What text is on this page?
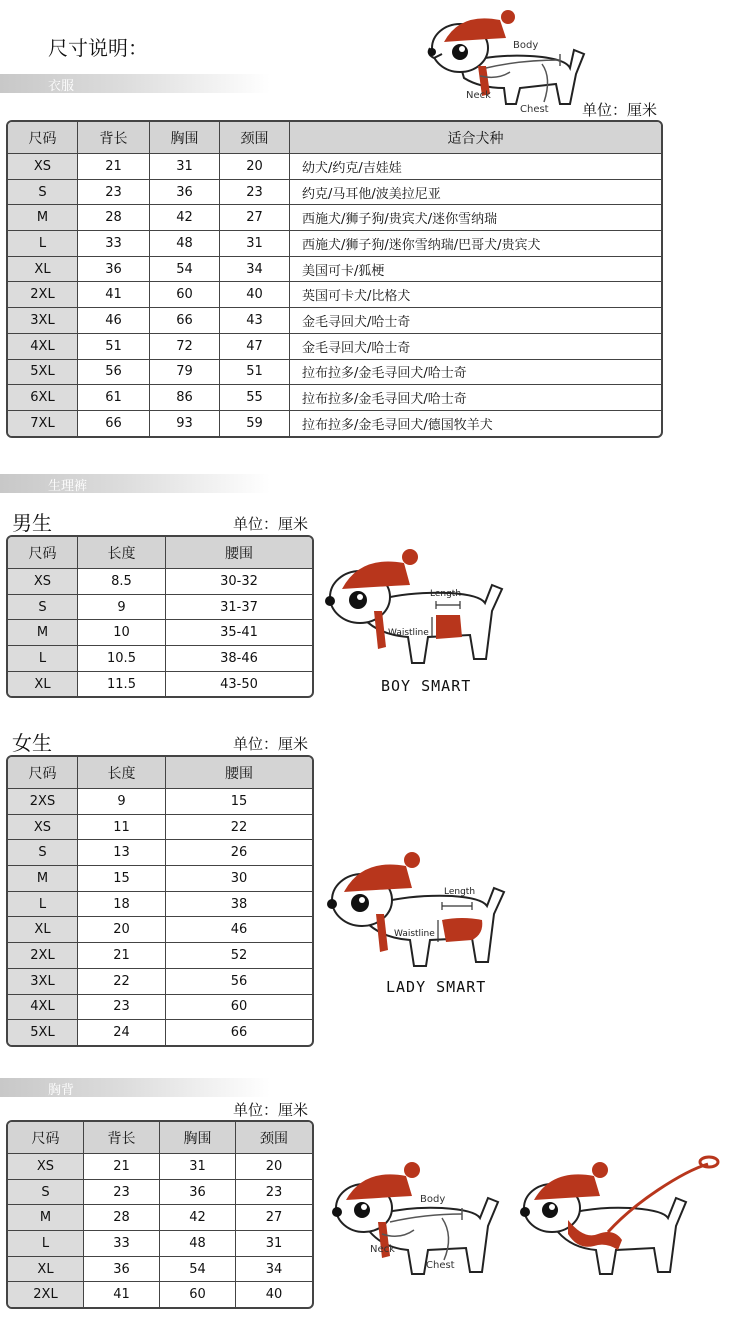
尺寸说明：
衣服
Body
Neck
Chest 单位：厘米
尺码	背长	胸围	颈围	适合犬种
XS	21	31	20	幼犬/约克/吉娃娃
S	23	36	23	约克/马耳他/波美拉尼亚
M	28	42	27	西施犬/狮子狗/贵宾犬/迷你雪纳瑞
L	33	48	31	西施犬/狮子狗/迷你雪纳瑞/巴哥犬/贵宾犬
XL	36	54	34	美国可卡/狐梗
2XL	41	60	40	英国可卡犬/比格犬
3XL	46	66	43	金毛寻回犬/哈士奇
4XL	51	72	47	金毛寻回犬/哈士奇
5XL	56	79	51	拉布拉多/金毛寻回犬/哈士奇
6XL	61	86	55	拉布拉多/金毛寻回犬/哈士奇
7XL	66	93	59	拉布拉多/金毛寻回犬/德国牧羊犬
生理裤
男生	单位：厘米
尺码	长度	腰围
XS	8.5	30-32
S	9	31-37
M	10	35-41
L	10.5	38-46
XL	11.5	43-50
Length
Waistline
BOY SMART
女生	单位：厘米
尺码	长度	腰围
2XS	9	15
XS	11	22
S	13	26
M	15	30
L	18	38
XL	20	46
2XL	21	52
3XL	22	56
4XL	23	60
5XL	24	66
Length
Waistline
LADY SMART
胸背
单位：厘米
尺码	背长	胸围	颈围
XS	21	31	20
S	23	36	23
M	28	42	27
L	33	48	31
XL	36	54	34
2XL	41	60	40
Body
Neck
Chest
